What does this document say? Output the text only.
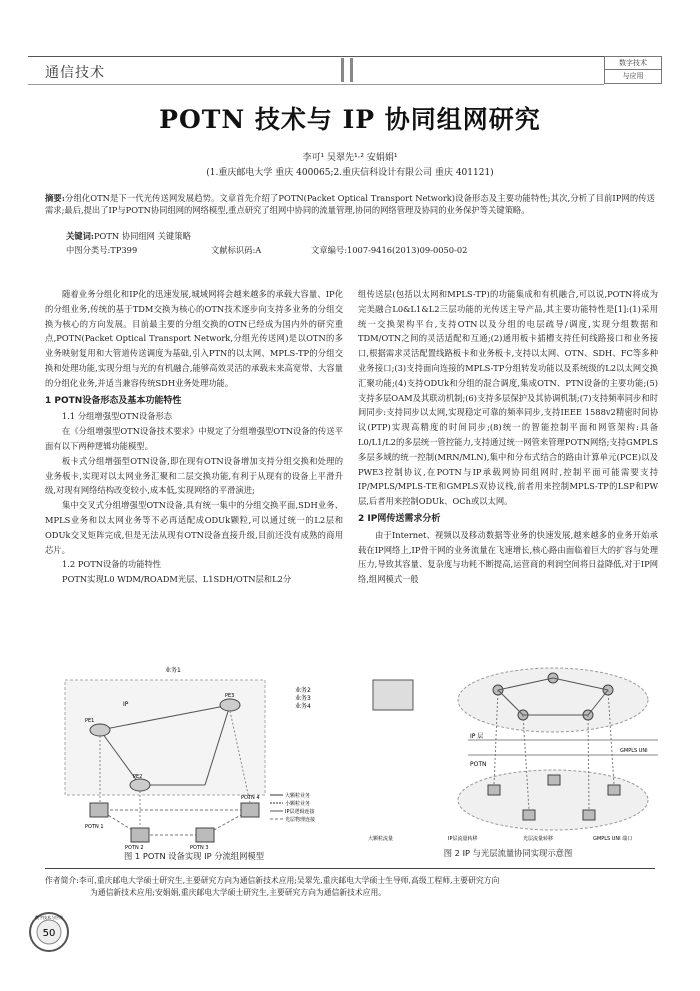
通信技术
数字技术
与应用
POTN 技术与 IP 协同组网研究
李可¹ 吴翠先¹·² 安娟娟¹
(1.重庆邮电大学 重庆 400065;2.重庆信科设计有限公司 重庆 401121)
摘要:分组化OTN是下一代光传送网发展趋势。文章首先介绍了POTN(Packet Optical Transport Network)设备形态及主要功能特性;其次,分析了目前IP网的传送需求;最后,提出了IP与POTN协同组网的网络模型,重点研究了组网中协同的流量管理,协同的网络管理及协同的业务保护等关键策略。
关键词:POTN 协同组网 关键策略
中图分类号:TP399	文献标识码:A	文章编号:1007-9416(2013)09-0050-02

随着业务分组化和IP化的迅速发展,城域网将会越来越多的承载大容量、IP化的分组业务,传统的基于TDM交换为核心的OTN技术逐步向支持多业务的分组交换为核心的方向发展。目前最主要的分组交换的OTN已经成为国内外的研究重点,POTN(Packet Optical Transport Network,分组光传送网)是以OTN的多业务映射复用和大管道传送调度为基础,引入PTN的以太网、MPLS-TP的分组交换和处理功能,实现分组与光的有机融合,能够高效灵活的承载未来高宽带、大容量的分组化业务,并适当兼容传统SDH业务处理功能。

1 POTN设备形态及基本功能特性
1.1 分组增强型OTN设备形态

在《分组增强型OTN设备技术要求》中规定了分组增强型OTN设备的传送平面有以下两种逻辑功能模型。

板卡式分组增强型OTN设备,即在现有OTN设备增加支持分组交换和处理的业务板卡,实现对以太网业务汇聚和二层交换功能,有利于从现有的设备上平滑升级,对现有网络结构改变较小,成本低,实现网络的平滑演进;

集中交叉式分组增强型OTN设备,具有统一集中的分组交换平面,SDH业务、MPLS业务和以太网业务等不必再适配成ODUk颗粒,可以通过统一的L2层和ODUk交叉矩阵完成,但是无法从现有OTN设备直接升级,目前还没有成熟的商用芯片。

1.2 POTN设备的功能特性

POTN实现L0 WDM/ROADM光层、L1SDH/OTN层和L2分

组传送层(包括以太网和MPLS-TP)的功能集成和有机融合,可以说,POTN将成为完美融合L0&L1&L2三层功能的光传送主导产品,其主要功能特性是[1]:(1)采用统一交换架构平台,支持OTN以及分组的电层疏导/调度,实现分组数据和TDM/OTN之间的灵活适配和互通;(2)通用板卡插槽支持任何线路接口和业务接口,根据需求灵活配置线路板卡和业务板卡,支持以太网、OTN、SDH、FC等多种业务接口;(3)支持面向连接的MPLS-TP分组转发功能以及系统级的L2以太网交换汇聚功能;(4)支持ODUk和分组的混合调度,集成OTN、PTN设备的主要功能;(5)支持多层OAM及其联动机制;(6)支持多层保护及其协调机制;(7)支持频率同步和时间同步:支持同步以太网,实现稳定可靠的频率同步,支持IEEE 1588v2精密时间协议(PTP)实现高精度的时间同步;(8)统一的智能控制平面和网管架构:具备L0/L1/L2的多层统一管控能力,支持通过统一网管来管理POTN网络;支持GMPLS多层多域的统一控制(MRN/MLN),集中和分布式结合的路由计算单元(PCE)以及PWE3控制协议,在POTN与IP承载网协同组网时,控制平面可能需要支持IP/MPLS/MPLS-TE和GMPLS双协议栈,前者用来控制MPLS-TP的LSP和PW层,后者用来控制ODUk、OCh或以太网。

2 IP网传送需求分析

由于Internet、视频以及移动数据等业务的快速发展,越来越多的业务开始承载在IP网络上,IP骨干网的业务流量在飞速增长,核心路由面临着巨大的扩容与处理压力,导致其容量、复杂度与功耗不断提高,运营商的利润空间将日益降低,对于IP网络,组网模式一般

业务1
业务2
业务3
业务4
IP
PE1
PE2
PE3
POTN 1
POTN 2	POTN 3
POTN 4	大颗粒业务
小颗粒业务
IP层逻辑连接
光层物理连接
图 1 POTN 设备实现 IP 分流组网模型
IP 层
POTN
GMPLS UNI
大颗粒流量	IP层流量转移	光层流量转移	GMPLS UNI 端口
图 2 IP 与光层流量协同实现示意图
作者简介:李可,重庆邮电大学硕士研究生,主要研究方向为通信新技术应用;吴翠先,重庆邮电大学硕士生导师,高级工程师,主要研究方向
为通信新技术应用;安娟娟,重庆邮电大学硕士研究生,主要研究方向为通信新技术应用。
50
数字技术与应用
